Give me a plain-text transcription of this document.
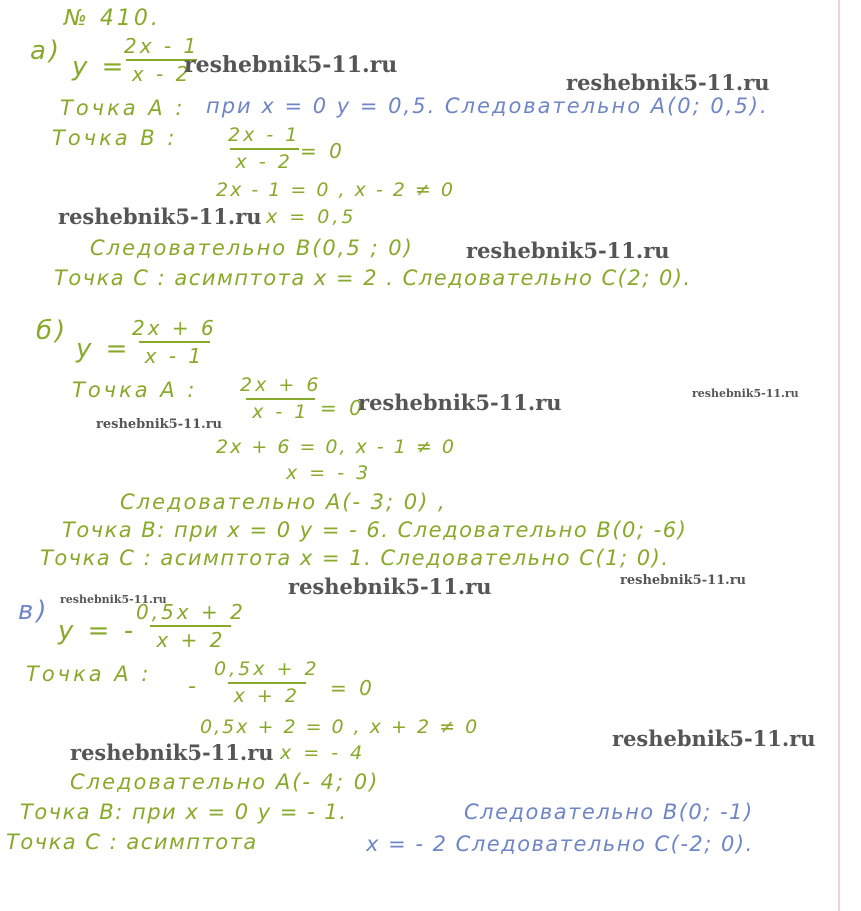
№ 410.
а)
y =
$\frac{2x - 1}{x - 2}$
Точка А : при x = 0 y = 0,5. Следовательно A(0; 0,5).
Точка В : $\frac{2x - 1}{x - 2}$
= 0
2x - 1 = 0 , x - 2 ≠ 0
x = 0,5
Следовательно В(0,5 ; 0)
Точка С : асимптота x = 2 . Следовательно С(2; 0).
б)
y =
$\frac{2x + 6}{x - 1}$
Точка А : $\frac{2x + 6}{x - 1}$
= 0
2x + 6 = 0, x - 1 ≠ 0
x = - 3
Следовательно А(- 3; 0) ,
Точка В: при x = 0 y = - 6. Следовательно В(0; -6)
Точка С : асимптота x = 1. Следовательно С(1; 0).
в)
y = -
$\frac{0,5x + 2}{x + 2}$
Точка А : - $\frac{0,5x + 2}{x + 2} = 0$
0,5x + 2 = 0 , x + 2 ≠ 0
x = - 4
Следовательно А(- 4; 0)
Точка В: при x = 0 y = - 1.	Следовательно В(0; -1)
Точка С : асимптота	x = - 2 Следовательно С(-2; 0).
reshebnik5-11.ru
reshebnik5-11.ru
reshebnik5-11.ru
reshebnik5-11.ru
reshebnik5-11.ru	reshebnik5-11.ru
reshebnik5-11.ru
reshebnik5-11.ru	reshebnik5-11.ru
reshebnik5-11.ru
reshebnik5-11.ru
reshebnik5-11.ru
